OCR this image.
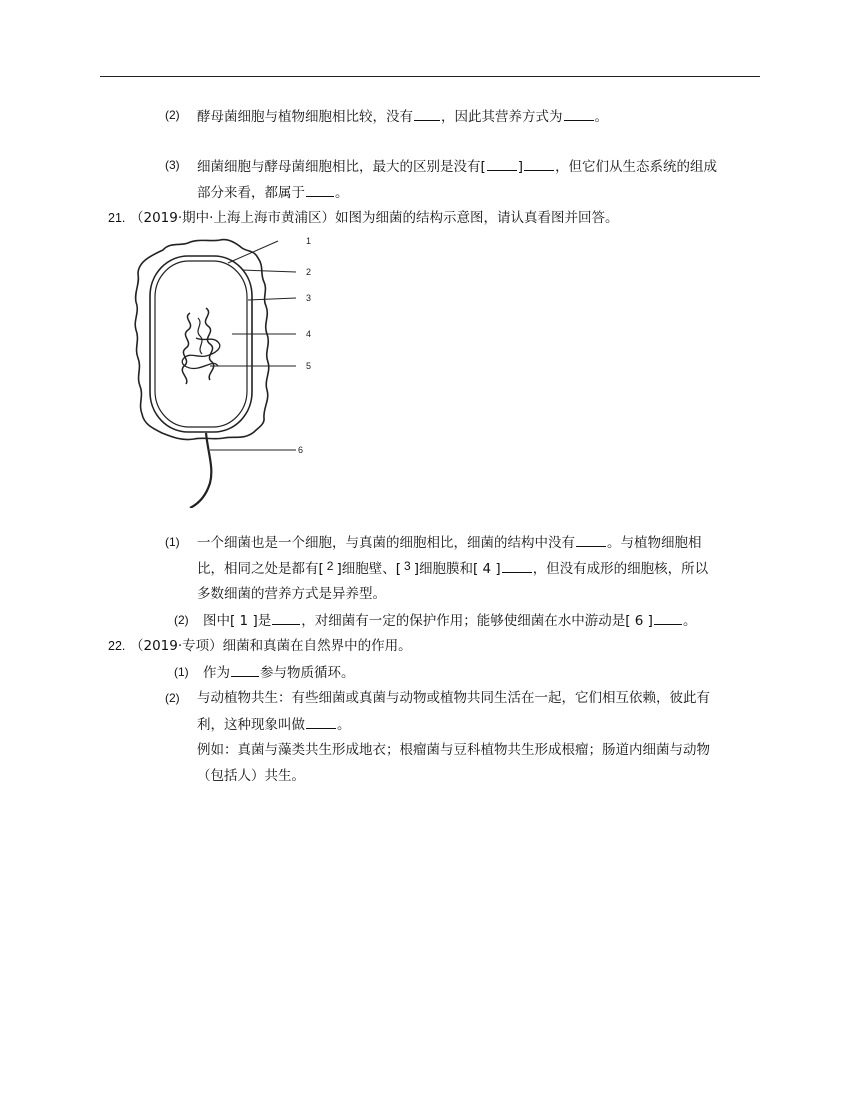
(2) 酵母菌细胞与植物细胞相比较，没有 ，因此其营养方式为 。
(3) 细菌细胞与酵母菌细胞相比，最大的区别是没有[ ] ，但它们从生态系统的组成
部分来看，都属于 。
21. （2019·期中·上海上海市黄浦区）如图为细菌的结构示意图，请认真看图并回答。
1
2
3
4
5
6
(1) 一个细菌也是一个细胞，与真菌的细胞相比，细菌的结构中没有 。与植物细胞相
比，相同之处是都有[ 2 ]细胞壁、[ 3 ]细胞膜和[ 4 ] ，但没有成形的细胞核，所以
多数细菌的营养方式是异养型。
(2) 图中[ 1 ]是 ，对细菌有一定的保护作用；能够使细菌在水中游动是[ 6 ] 。
22. （2019·专项）细菌和真菌在自然界中的作用。
(1) 作为 参与物质循环。
(2) 与动植物共生：有些细菌或真菌与动物或植物共同生活在一起，它们相互依赖，彼此有
利，这种现象叫做 。
例如：真菌与藻类共生形成地衣；根瘤菌与豆科植物共生形成根瘤；肠道内细菌与动物
（包括人）共生。
